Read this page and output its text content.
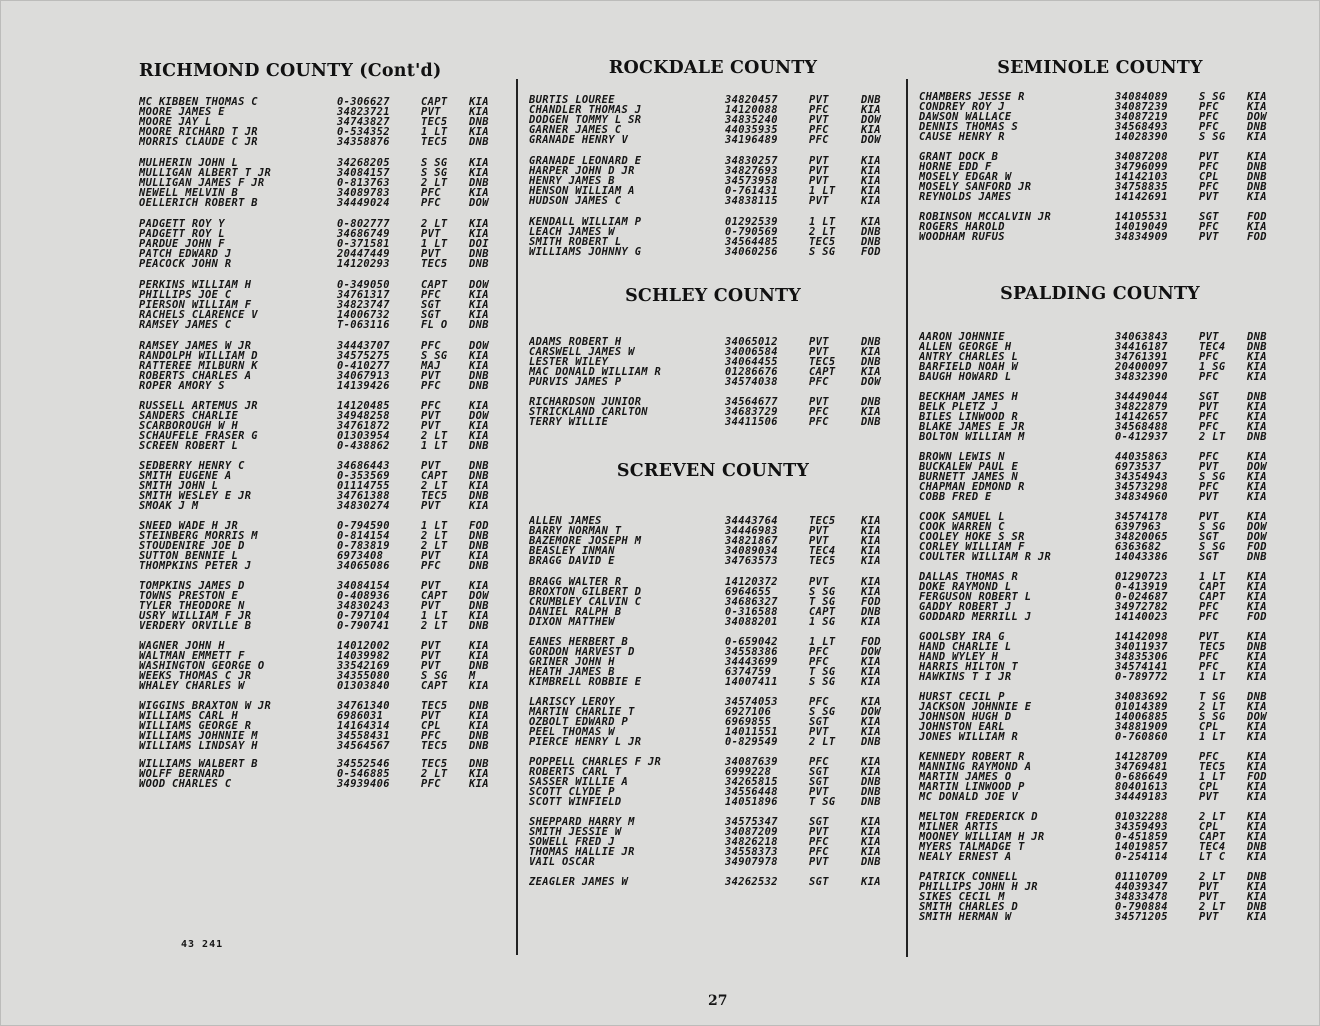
RICHMOND COUNTY (Cont'd)
MC KIBBEN THOMAS C	0-306627	CAPT	KIA
MOORE JAMES E	34823721	PVT	KIA
MOORE JAY L	34743827	TEC5	DNB
MOORE RICHARD T JR	0-534352	1 LT	KIA
MORRIS CLAUDE C JR	34358876	TEC5	DNB
MULHERIN JOHN L	34268205	S SG	KIA
MULLIGAN ALBERT T JR	34084157	S SG	KIA
MULLIGAN JAMES F JR	0-813763	2 LT	DNB
NEWELL MELVIN B	34089783	PFC	KIA
OELLERICH ROBERT B	34449024	PFC	DOW
PADGETT ROY Y	0-802777	2 LT	KIA
PADGETT ROY L	34686749	PVT	KIA
PARDUE JOHN F	0-371581	1 LT	DOI
PATCH EDWARD J	20447449	PVT	DNB
PEACOCK JOHN R	14120293	TEC5	DNB
PERKINS WILLIAM H	0-349050	CAPT	DOW
PHILLIPS JOE C	34761317	PFC	KIA
PIERSON WILLIAM F	34823747	SGT	KIA
RACHELS CLARENCE V	14006732	SGT	KIA
RAMSEY JAMES C	T-063116	FL O	DNB
RAMSEY JAMES W JR	34443707	PFC	DOW
RANDOLPH WILLIAM D	34575275	S SG	KIA
RATTEREE MILBURN K	0-410277	MAJ	KIA
ROBERTS CHARLES A	34067913	PVT	DNB
ROPER AMORY S	14139426	PFC	DNB
RUSSELL ARTEMUS JR	14120485	PFC	KIA
SANDERS CHARLIE	34948258	PVT	DOW
SCARBOROUGH W H	34761872	PVT	KIA
SCHAUFELE FRASER G	01303954	2 LT	KIA
SCREEN ROBERT L	0-438862	1 LT	DNB
SEDBERRY HENRY C	34686443	PVT	DNB
SMITH EUGENE A	0-353569	CAPT	DNB
SMITH JOHN L	01114755	2 LT	KIA
SMITH WESLEY E JR	34761388	TEC5	DNB
SMOAK J M	34830274	PVT	KIA
SNEED WADE H JR	0-794590	1 LT	FOD
STEINBERG MORRIS M	0-814154	2 LT	DNB
STOUDENIRE JOE D	0-783819	2 LT	DNB
SUTTON BENNIE L	6973408	PVT	KIA
THOMPKINS PETER J	34065086	PFC	DNB
TOMPKINS JAMES D	34084154	PVT	KIA
TOWNS PRESTON E	0-408936	CAPT	DOW
TYLER THEODORE N	34830243	PVT	DNB
USRY WILLIAM F JR	0-797104	1 LT	KIA
VERDERY ORVILLE B	0-790741	2 LT	DNB
WAGNER JOHN H	14012002	PVT	KIA
WALTMAN EMMETT F	14039982	PVT	KIA
WASHINGTON GEORGE O	33542169	PVT	DNB
WEEKS THOMAS C JR	34355080	S SG	M
WHALEY CHARLES W	01303840	CAPT	KIA
WIGGINS BRAXTON W JR	34761340	TEC5	DNB
WILLIAMS CARL H	6986031	PVT	KIA
WILLIAMS GEORGE R	14164314	CPL	KIA
WILLIAMS JOHNNIE M	34558431	PFC	DNB
WILLIAMS LINDSAY H	34564567	TEC5	DNB
WILLIAMS WALBERT B	34552546	TEC5	DNB
WOLFF BERNARD	0-546885	2 LT	KIA
WOOD CHARLES C	34939406	PFC	KIA
ROCKDALE COUNTY
BURTIS LOUREE	34820457	PVT	DNB
CHANDLER THOMAS J	14120088	PFC	KIA
DODGEN TOMMY L SR	34835240	PVT	DOW
GARNER JAMES C	44035935	PFC	KIA
GRANADE HENRY V	34196489	PFC	DOW
GRANADE LEONARD E	34830257	PVT	KIA
HARPER JOHN D JR	34827693	PVT	KIA
HENRY JAMES B	34573958	PVT	KIA
HENSON WILLIAM A	0-761431	1 LT	KIA
HUDSON JAMES C	34838115	PVT	KIA
KENDALL WILLIAM P	01292539	1 LT	KIA
LEACH JAMES W	0-790569	2 LT	DNB
SMITH ROBERT L	34564485	TEC5	DNB
WILLIAMS JOHNNY G	34060256	S SG	FOD
SCHLEY COUNTY
ADAMS ROBERT H	34065012	PVT	DNB
CARSWELL JAMES W	34006584	PVT	KIA
LESTER WILEY	34064455	TEC5	DNB
MAC DONALD WILLIAM R	01286676	CAPT	KIA
PURVIS JAMES P	34574038	PFC	DOW
RICHARDSON JUNIOR	34564677	PVT	DNB
STRICKLAND CARLTON	34683729	PFC	KIA
TERRY WILLIE	34411506	PFC	DNB
SCREVEN COUNTY
ALLEN JAMES	34443764	TEC5	KIA
BARRY NORMAN T	34446983	PVT	KIA
BAZEMORE JOSEPH M	34821867	PVT	KIA
BEASLEY INMAN	34089034	TEC4	KIA
BRAGG DAVID E	34763573	TEC5	KIA
BRAGG WALTER R	14120372	PVT	KIA
BROXTON GILBERT D	6964655	S SG	KIA
CRUMBLEY CALVIN C	34686327	T SG	FOD
DANIEL RALPH B	0-316588	CAPT	DNB
DIXON MATTHEW	34088201	1 SG	KIA
EANES HERBERT B	0-659042	1 LT	FOD
GORDON HARVEST D	34558386	PFC	DOW
GRINER JOHN H	34443699	PFC	KIA
HEATH JAMES B	6374759	T SG	KIA
KIMBRELL ROBBIE E	14007411	S SG	KIA
LARISCY LEROY	34574053	PFC	KIA
MARTIN CHARLIE T	6927106	S SG	DOW
OZBOLT EDWARD P	6969855	SGT	KIA
PEEL THOMAS W	14011551	PVT	KIA
PIERCE HENRY L JR	0-829549	2 LT	DNB
POPPELL CHARLES F JR	34087639	PFC	KIA
ROBERTS CARL T	6999228	SGT	KIA
SASSER WILLIE A	34265815	SGT	DNB
SCOTT CLYDE P	34556448	PVT	DNB
SCOTT WINFIELD	14051896	T SG	DNB
SHEPPARD HARRY M	34575347	SGT	KIA
SMITH JESSIE W	34087209	PVT	KIA
SOWELL FRED J	34826218	PFC	KIA
THOMAS HALLIE JR	34558373	PFC	KIA
VAIL OSCAR	34907978	PVT	DNB
ZEAGLER JAMES W	34262532	SGT	KIA
SEMINOLE COUNTY
CHAMBERS JESSE R	34084089	S SG	KIA
CONDREY ROY J	34087239	PFC	KIA
DAWSON WALLACE	34087219	PFC	DOW
DENNIS THOMAS S	34568493	PFC	DNB
CAUSE HENRY R	14028390	S SG	KIA
GRANT DOCK B	34087208	PVT	KIA
HORNE EDD F	34796099	PFC	DNB
MOSELY EDGAR W	14142103	CPL	DNB
MOSELY SANFORD JR	34758835	PFC	DNB
REYNOLDS JAMES	14142691	PVT	KIA
ROBINSON MCCALVIN JR	14105531	SGT	FOD
ROGERS HAROLD	14019049	PFC	KIA
WOODHAM RUFUS	34834909	PVT	FOD
SPALDING COUNTY
AARON JOHNNIE	34063843	PVT	DNB
ALLEN GEORGE H	34416187	TEC4	DNB
ANTRY CHARLES L	34761391	PFC	KIA
BARFIELD NOAH W	20400097	1 SG	KIA
BAUGH HOWARD L	34832390	PFC	KIA
BECKHAM JAMES H	34449044	SGT	DNB
BELK PLETZ J	34822879	PVT	KIA
BILES LINWOOD R	14142657	PFC	KIA
BLAKE JAMES E JR	34568488	PFC	KIA
BOLTON WILLIAM M	0-412937	2 LT	DNB
BROWN LEWIS N	44035863	PFC	KIA
BUCKALEW PAUL E	6973537	PVT	DOW
BURNETT JAMES N	34354943	S SG	KIA
CHAPMAN EDMOND R	34573298	PFC	KIA
COBB FRED E	34834960	PVT	KIA
COOK SAMUEL L	34574178	PVT	KIA
COOK WARREN C	6397963	S SG	DOW
COOLEY HOKE S SR	34820065	SGT	DOW
CORLEY WILLIAM F	6363682	S SG	FOD
COULTER WILLIAM R JR	14043386	SGT	DNB
DALLAS THOMAS R	01290723	1 LT	KIA
DOKE RAYMOND L	0-413919	CAPT	KIA
FERGUSON ROBERT L	0-024687	CAPT	KIA
GADDY ROBERT J	34972782	PFC	KIA
GODDARD MERRILL J	14140023	PFC	FOD
GOOLSBY IRA G	14142098	PVT	KIA
HAND CHARLIE L	34011937	TEC5	DNB
HAND WYLEY H	34835306	PFC	KIA
HARRIS HILTON T	34574141	PFC	KIA
HAWKINS T I JR	0-789772	1 LT	KIA
HURST CECIL P	34083692	T SG	DNB
JACKSON JOHNNIE E	01014389	2 LT	KIA
JOHNSON HUGH D	14006885	S SG	DOW
JOHNSTON EARL	34881909	CPL	KIA
JONES WILLIAM R	0-760860	1 LT	KIA
KENNEDY ROBERT R	14128709	PFC	KIA
MANNING RAYMOND A	34769481	TEC5	KIA
MARTIN JAMES O	0-686649	1 LT	FOD
MARTIN LINWOOD P	80401613	CPL	KIA
MC DONALD JOE V	34449183	PVT	KIA
MELTON FREDERICK D	01032288	2 LT	KIA
MILNER ARTIS	34359493	CPL	KIA
MOONEY WILLIAM H JR	0-451859	CAPT	KIA
MYERS TALMADGE T	14019857	TEC4	DNB
NEALY ERNEST A	0-254114	LT C	KIA
PATRICK CONNELL	01110709	2 LT	DNB
PHILLIPS JOHN H JR	44039347	PVT	KIA
SIKES CECIL M	34833478	PVT	KIA
SMITH CHARLES D	0-790884	2 LT	DNB
SMITH HERMAN W	34571205	PVT	KIA
43 241
27
